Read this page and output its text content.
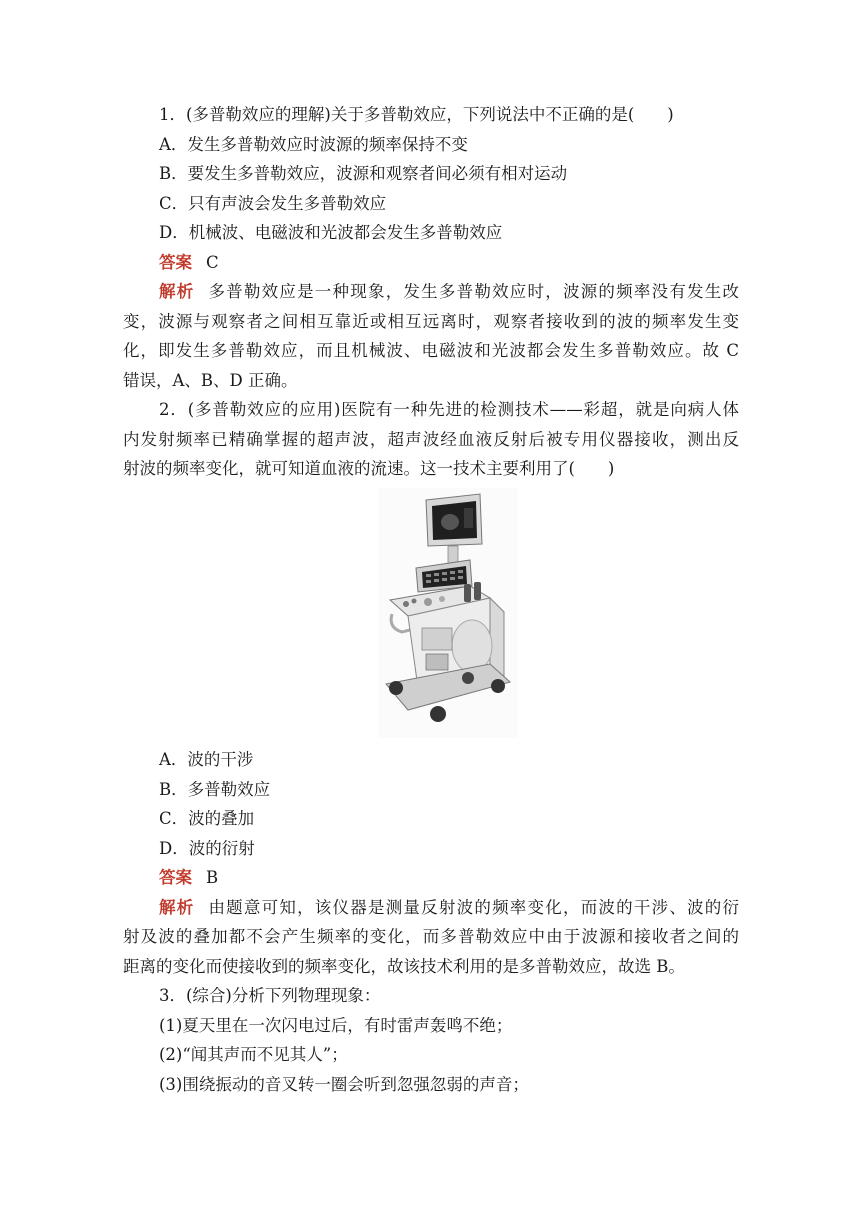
1．(多普勒效应的理解)关于多普勒效应，下列说法中不正确的是(　　)
A．发生多普勒效应时波源的频率保持不变
B．要发生多普勒效应，波源和观察者间必须有相对运动
C．只有声波会发生多普勒效应
D．机械波、电磁波和光波都会发生多普勒效应
答案 C
解析 多普勒效应是一种现象，发生多普勒效应时，波源的频率没有发生改
变，波源与观察者之间相互靠近或相互远离时，观察者接收到的波的频率发生变
化，即发生多普勒效应，而且机械波、电磁波和光波都会发生多普勒效应。故 C
错误，A、B、D 正确。
2．(多普勒效应的应用)医院有一种先进的检测技术——彩超，就是向病人体
内发射频率已精确掌握的超声波，超声波经血液反射后被专用仪器接收，测出反
射波的频率变化，就可知道血液的流速。这一技术主要利用了(　　)
A．波的干涉
B．多普勒效应
C．波的叠加
D．波的衍射
答案 B
解析 由题意可知，该仪器是测量反射波的频率变化，而波的干涉、波的衍
射及波的叠加都不会产生频率的变化，而多普勒效应中由于波源和接收者之间的
距离的变化而使接收到的频率变化，故该技术利用的是多普勒效应，故选 B。
3．(综合)分析下列物理现象：
(1)夏天里在一次闪电过后，有时雷声轰鸣不绝；
(2)“闻其声而不见其人”；
(3)围绕振动的音叉转一圈会听到忽强忽弱的声音；
